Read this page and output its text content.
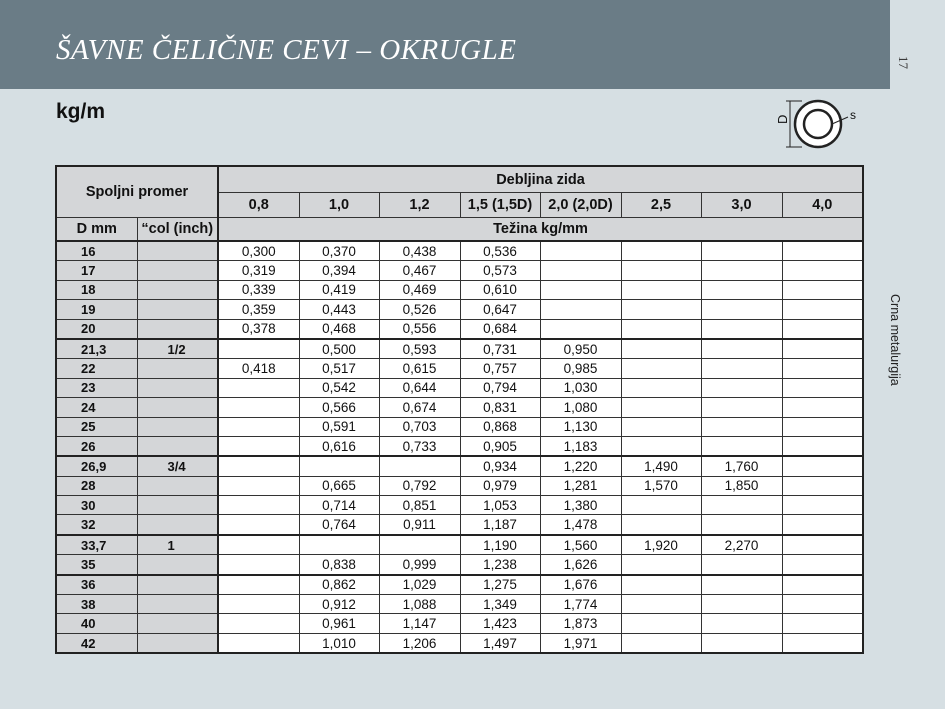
ŠAVNE ČELIČNE CEVI – OKRUGLE	17
kg/m	D	s
Crna metalurgija
Spoljni promer		Debljina zida							
		0,8	1,0	1,2	1,5 (1,5D)	2,0 (2,0D)	2,5	3,0	4,0
D mm	“col (inch)	Težina kg/mm							
16		0,300	0,370	0,438	0,536				
17		0,319	0,394	0,467	0,573				
18		0,339	0,419	0,469	0,610				
19		0,359	0,443	0,526	0,647				
20		0,378	0,468	0,556	0,684				
21,3	1/2		0,500	0,593	0,731	0,950			
22		0,418	0,517	0,615	0,757	0,985			
23			0,542	0,644	0,794	1,030			
24			0,566	0,674	0,831	1,080			
25			0,591	0,703	0,868	1,130			
26			0,616	0,733	0,905	1,183			
26,9	3/4				0,934	1,220	1,490	1,760	
28			0,665	0,792	0,979	1,281	1,570	1,850	
30			0,714	0,851	1,053	1,380			
32			0,764	0,911	1,187	1,478			
33,7	1				1,190	1,560	1,920	2,270	
35			0,838	0,999	1,238	1,626			
36			0,862	1,029	1,275	1,676			
38			0,912	1,088	1,349	1,774			
40			0,961	1,147	1,423	1,873			
42			1,010	1,206	1,497	1,971			
